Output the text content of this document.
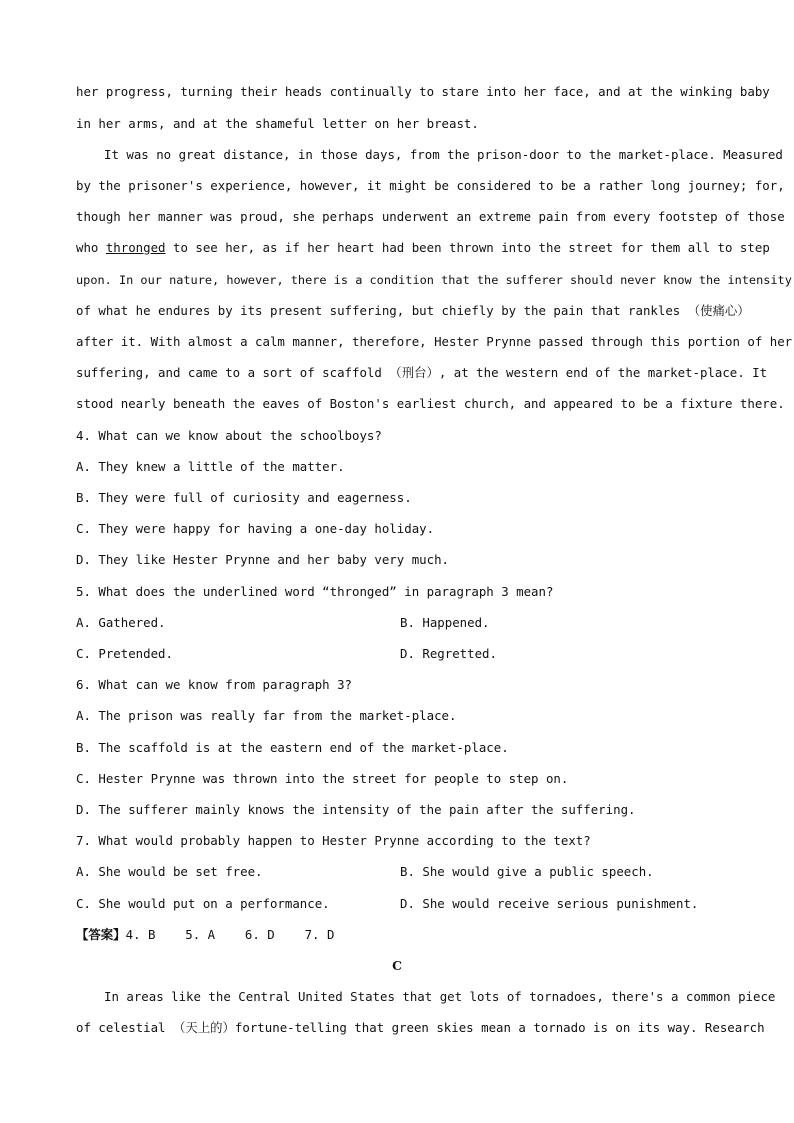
her progress, turning their heads continually to stare into her face, and at the winking baby
in her arms, and at the shameful letter on her breast.
It was no great distance, in those days, from the prison-door to the market-place. Measured
by the prisoner's experience, however, it might be considered to be a rather long journey; for,
though her manner was proud, she perhaps underwent an extreme pain from every footstep of those
who thronged to see her, as if her heart had been thrown into the street for them all to step
upon. In our nature, however, there is a condition that the sufferer should never know the intensity
of what he endures by its present suffering, but chiefly by the pain that rankles （使痛心）
after it. With almost a calm manner, therefore, Hester Prynne passed through this portion of her
suffering, and came to a sort of scaffold （刑台）, at the western end of the market-place. It
stood nearly beneath the eaves of Boston's earliest church, and appeared to be a fixture there.
4. What can we know about the schoolboys?
A. They knew a little of the matter.
B. They were full of curiosity and eagerness.
C. They were happy for having a one-day holiday.
D. They like Hester Prynne and her baby very much.
5. What does the underlined word “thronged” in paragraph 3 mean?
A. Gathered.	B. Happened.
C. Pretended.	D. Regretted.
6. What can we know from paragraph 3?
A. The prison was really far from the market-place.
B. The scaffold is at the eastern end of the market-place.
C. Hester Prynne was thrown into the street for people to step on.
D. The sufferer mainly knows the intensity of the pain after the suffering.
7. What would probably happen to Hester Prynne according to the text?
A. She would be set free.	B. She would give a public speech.
C. She would put on a performance.	D. She would receive serious punishment.
【答案】4. B    5. A    6. D    7. D
C
In areas like the Central United States that get lots of tornadoes, there's a common piece
of celestial （天上的）fortune-telling that green skies mean a tornado is on its way. Research
